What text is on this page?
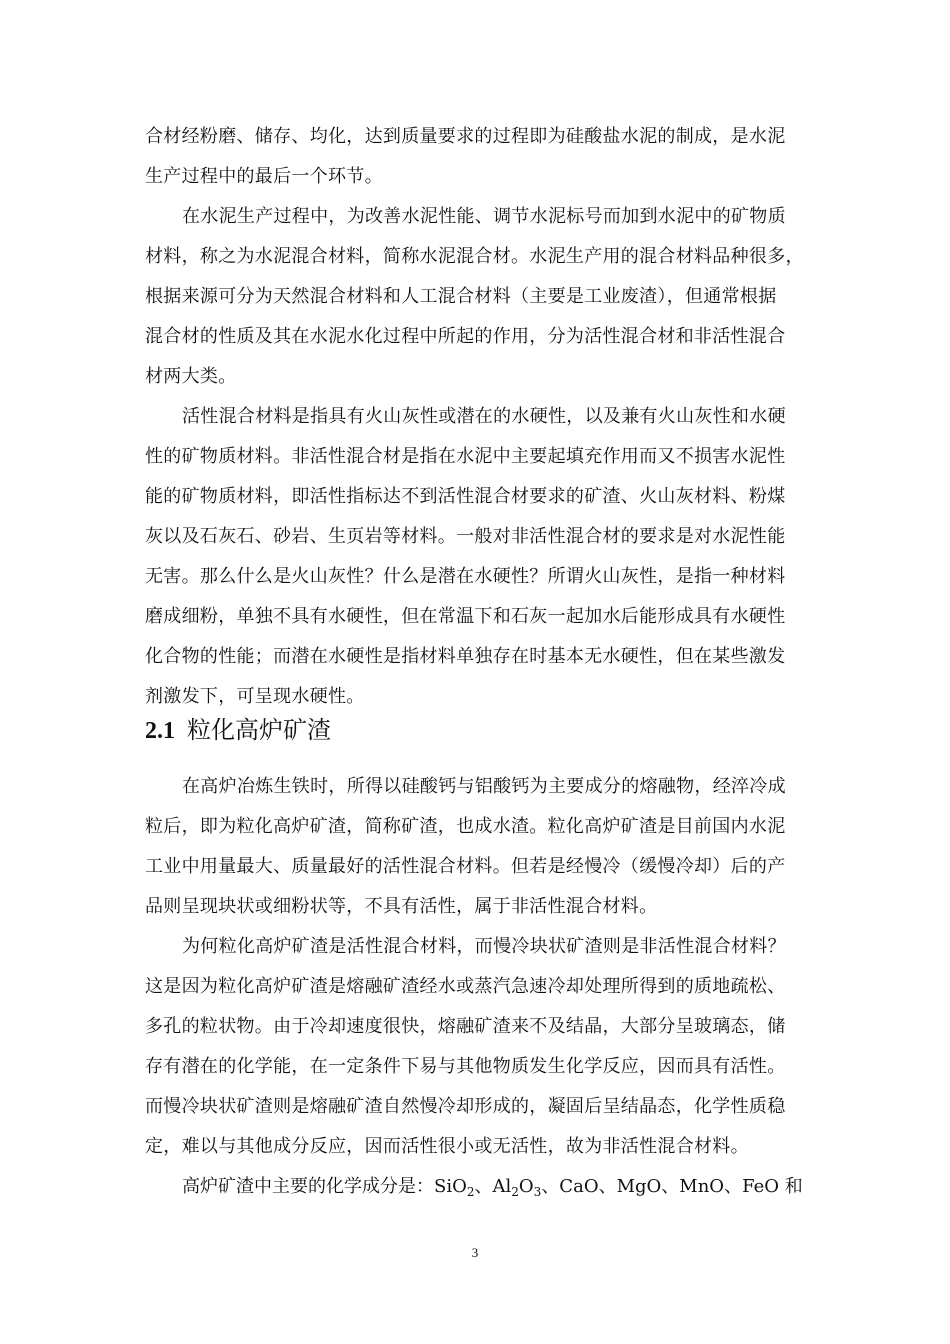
合材经粉磨、储存、均化，达到质量要求的过程即为硅酸盐水泥的制成，是水泥
生产过程中的最后一个环节。
在水泥生产过程中，为改善水泥性能、调节水泥标号而加到水泥中的矿物质
材料，称之为水泥混合材料，简称水泥混合材。水泥生产用的混合材料品种很多，
根据来源可分为天然混合材料和人工混合材料（主要是工业废渣），但通常根据
混合材的性质及其在水泥水化过程中所起的作用，分为活性混合材和非活性混合
材两大类。
活性混合材料是指具有火山灰性或潜在的水硬性，以及兼有火山灰性和水硬
性的矿物质材料。非活性混合材是指在水泥中主要起填充作用而又不损害水泥性
能的矿物质材料，即活性指标达不到活性混合材要求的矿渣、火山灰材料、粉煤
灰以及石灰石、砂岩、生页岩等材料。一般对非活性混合材的要求是对水泥性能
无害。那么什么是火山灰性？什么是潜在水硬性？所谓火山灰性，是指一种材料
磨成细粉，单独不具有水硬性，但在常温下和石灰一起加水后能形成具有水硬性
化合物的性能；而潜在水硬性是指材料单独存在时基本无水硬性，但在某些激发
剂激发下，可呈现水硬性。
2.1 粒化高炉矿渣
在高炉冶炼生铁时，所得以硅酸钙与铝酸钙为主要成分的熔融物，经淬冷成
粒后，即为粒化高炉矿渣，简称矿渣，也成水渣。粒化高炉矿渣是目前国内水泥
工业中用量最大、质量最好的活性混合材料。但若是经慢冷（缓慢冷却）后的产
品则呈现块状或细粉状等，不具有活性，属于非活性混合材料。
为何粒化高炉矿渣是活性混合材料，而慢冷块状矿渣则是非活性混合材料？
这是因为粒化高炉矿渣是熔融矿渣经水或蒸汽急速冷却处理所得到的质地疏松、
多孔的粒状物。由于冷却速度很快，熔融矿渣来不及结晶，大部分呈玻璃态，储
存有潜在的化学能，在一定条件下易与其他物质发生化学反应，因而具有活性。
而慢冷块状矿渣则是熔融矿渣自然慢冷却形成的，凝固后呈结晶态，化学性质稳
定，难以与其他成分反应，因而活性很小或无活性，故为非活性混合材料。
高炉矿渣中主要的化学成分是：SiO$_2$、$Al_2O_3$、CaO、MgO、MnO、FeO 和
3
